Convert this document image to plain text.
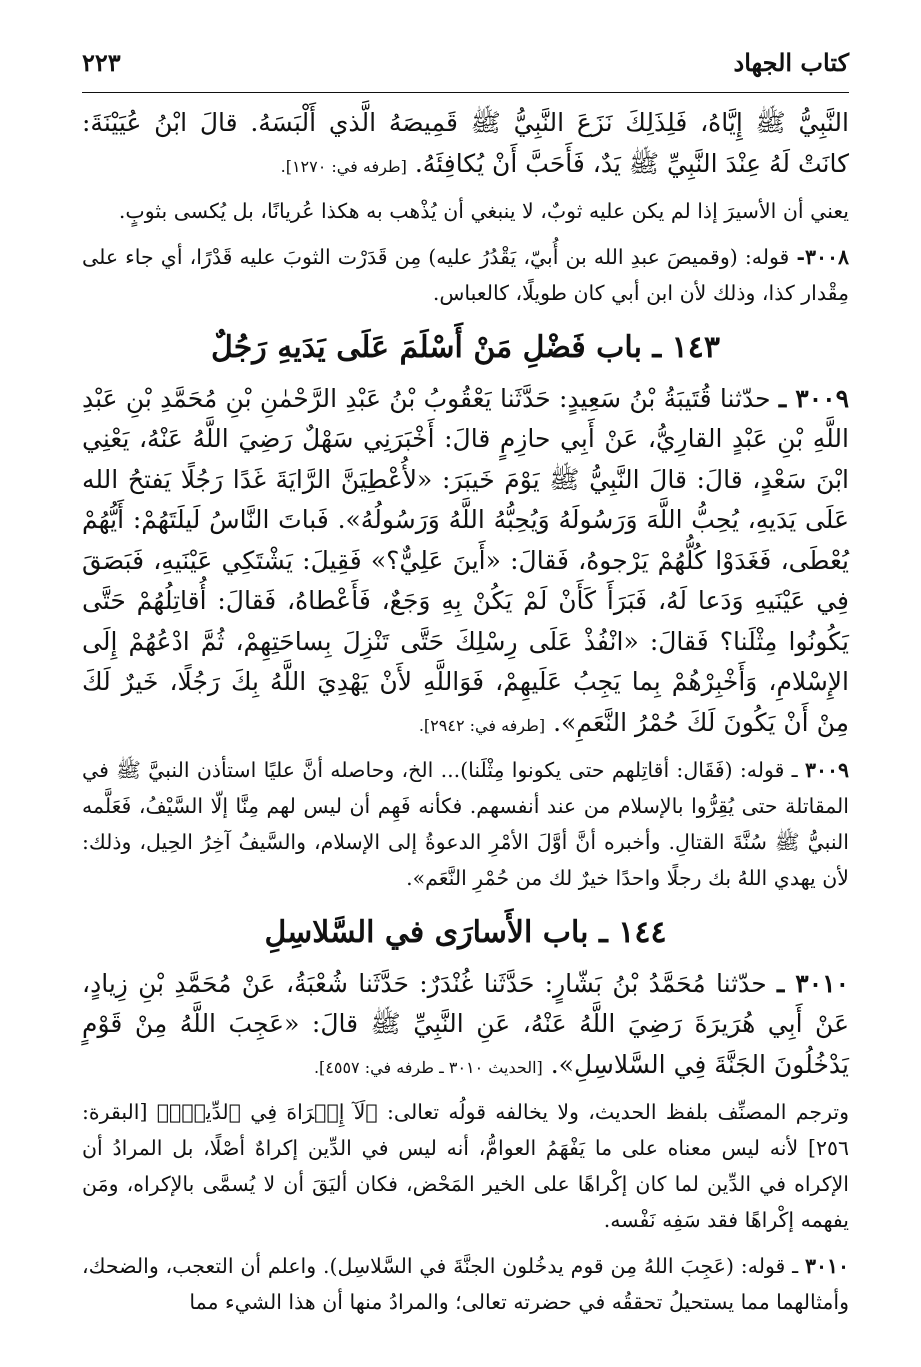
كتاب الجهاد
٢٢٣

النَّبِيُّ ﷺ إِيَّاهُ، فَلِذَلِكَ نَزَعَ النَّبِيُّ ﷺ قَمِيصَهُ الَّذي أَلْبَسَهُ. قالَ ابْنُ عُيَيْنَةَ: كانَتْ لَهُ عِنْدَ النَّبِيِّ ﷺ يَدٌ، فَأَحَبَّ أَنْ يُكافِئَهُ. [طرفه في: ١٢٧٠].

يعني أن الأسيرَ إذا لم يكن عليه ثوبٌ، لا ينبغي أن يُذْهب به هكذا عُريانًا، بل يُكسى بثوبٍ.

٣٠٠٨- قوله: (وقميصَ عبدِ الله بن أُبيّ، يَقْدُرُ عليه) مِن قَدَرْت الثوبَ عليه قَدْرًا، أي جاء على مِقْدار كذا، وذلك لأن ابن أبي كان طويلًا، كالعباس.

١٤٣ ـ باب فَضْلِ مَنْ أَسْلَمَ عَلَى يَدَيهِ رَجُلٌ

٣٠٠٩ ـ حدّثنا قُتَيبَةُ بْنُ سَعِيدٍ: حَدَّثَنا يَعْقُوبُ بْنُ عَبْدِ الرَّحْمٰنِ بْنِ مُحَمَّدِ بْنِ عَبْدِ اللَّهِ بْنِ عَبْدٍ القارِيُّ، عَنْ أَبِي حازِمٍ قالَ: أَخْبَرَنِي سَهْلٌ رَضِيَ اللَّهُ عَنْهُ، يَعْنِي ابْنَ سَعْدٍ، قالَ: قالَ النَّبِيُّ ﷺ يَوْمَ خَيبَرَ: «لأُعْطِيَنَّ الرَّايَةَ غَدًا رَجُلًا يَفتحُ الله عَلَى يَدَيهِ، يُحِبُّ اللَّهَ وَرَسُولَهُ وَيُحِبُّهُ اللَّهُ وَرَسُولُهُ». فَباتَ النَّاسُ لَيلَتَهُمْ: أَيُّهُمْ يُعْطَى، فَغَدَوْا كُلُّهُمْ يَرْجوهُ، فَقالَ: «أَينَ عَلِيٌّ؟» فَقِيلَ: يَشْتَكِي عَيْنَيهِ، فَبَصَقَ فِي عَيْنَيهِ وَدَعا لَهُ، فَبَرَأَ كَأَنْ لَمْ يَكُنْ بِهِ وَجَعٌ، فَأَعْطاهُ، فَقالَ: أُقاتِلُهُمْ حَتَّى يَكُونُوا مِثْلَنا؟ فَقالَ: «انْفُذْ عَلَى رِسْلِكَ حَتَّى تَنْزِلَ بِساحَتِهِمْ، ثُمَّ ادْعُهُمْ إِلَى الإِسْلامِ، وَأَخْبِرْهُمْ بِما يَجِبُ عَلَيهِمْ، فَوَاللَّهِ لأَنْ يَهْدِيَ اللَّهُ بِكَ رَجُلًا، خَيرٌ لَكَ مِنْ أَنْ يَكُونَ لَكَ حُمْرُ النَّعَمِ». [طرفه في: ٢٩٤٢].

٣٠٠٩ ـ قوله: (فَقَال: أقاتِلهم حتى يكونوا مِثْلَنا)... الخ، وحاصله أنَّ عليًا استأذن النبيَّ ﷺ في المقاتلة حتى يُقِرُّوا بالإسلام من عند أنفسهم. فكأنه فَهِم أن ليس لهم مِنَّا إلّا السَّيْفُ، فَعَلَّمه النبيُّ ﷺ سُنَّةَ القتالِ. وأخبره أنَّ أوَّلَ الأمْرِ الدعوةُ إلى الإسلام، والسَّيفُ آخِرُ الحِيل، وذلك: لأن يهدي اللهُ بك رجلًا واحدًا خيرٌ لك من حُمْرِ النَّعَم».

١٤٤ ـ باب الأَسارَى في السَّلاسِلِ

٣٠١٠ ـ حدّثنا مُحَمَّدُ بْنُ بَشّارٍ: حَدَّثَنا غُنْدَرٌ: حَدَّثَنا شُعْبَةُ، عَنْ مُحَمَّدِ بْنِ زِيادٍ، عَنْ أَبِي هُرَيرَةَ رَضِيَ اللَّهُ عَنْهُ، عَنِ النَّبِيِّ ﷺ قالَ: «عَجِبَ اللَّهُ مِنْ قَوْمٍ يَدْخُلُونَ الجَنَّةَ فِي السَّلاسِلِ». [الحديث ٣٠١٠ ـ طرفه في: ٤٥٥٧].

وترجم المصنِّف بلفظ الحديث، ولا يخالفه قولُه تعالى: ﴿لَآ إِكۡرَاهَ فِي ٱلدِّينِۖ﴾ [البقرة: ٢٥٦] لأنه ليس معناه على ما يَفْهَمُ العوامُّ، أنه ليس في الدِّين إكراهٌ أصْلًا، بل المرادُ أن الإكراه في الدِّين لما كان إكْراهًا على الخير المَحْض، فكان أليَقَ أن لا يُسمَّى بالإكراه، ومَن يفهمه إكْراهًا فقد سَفِه نَفْسه.

٣٠١٠ ـ قوله: (عَجِبَ اللهُ مِن قوم يدخُلون الجنَّةَ في السَّلاسِل). واعلم أن التعجب، والضحك، وأمثالهما مما يستحيلُ تحققُه في حضرته تعالى؛ والمرادُ منها أن هذا الشيء مما
